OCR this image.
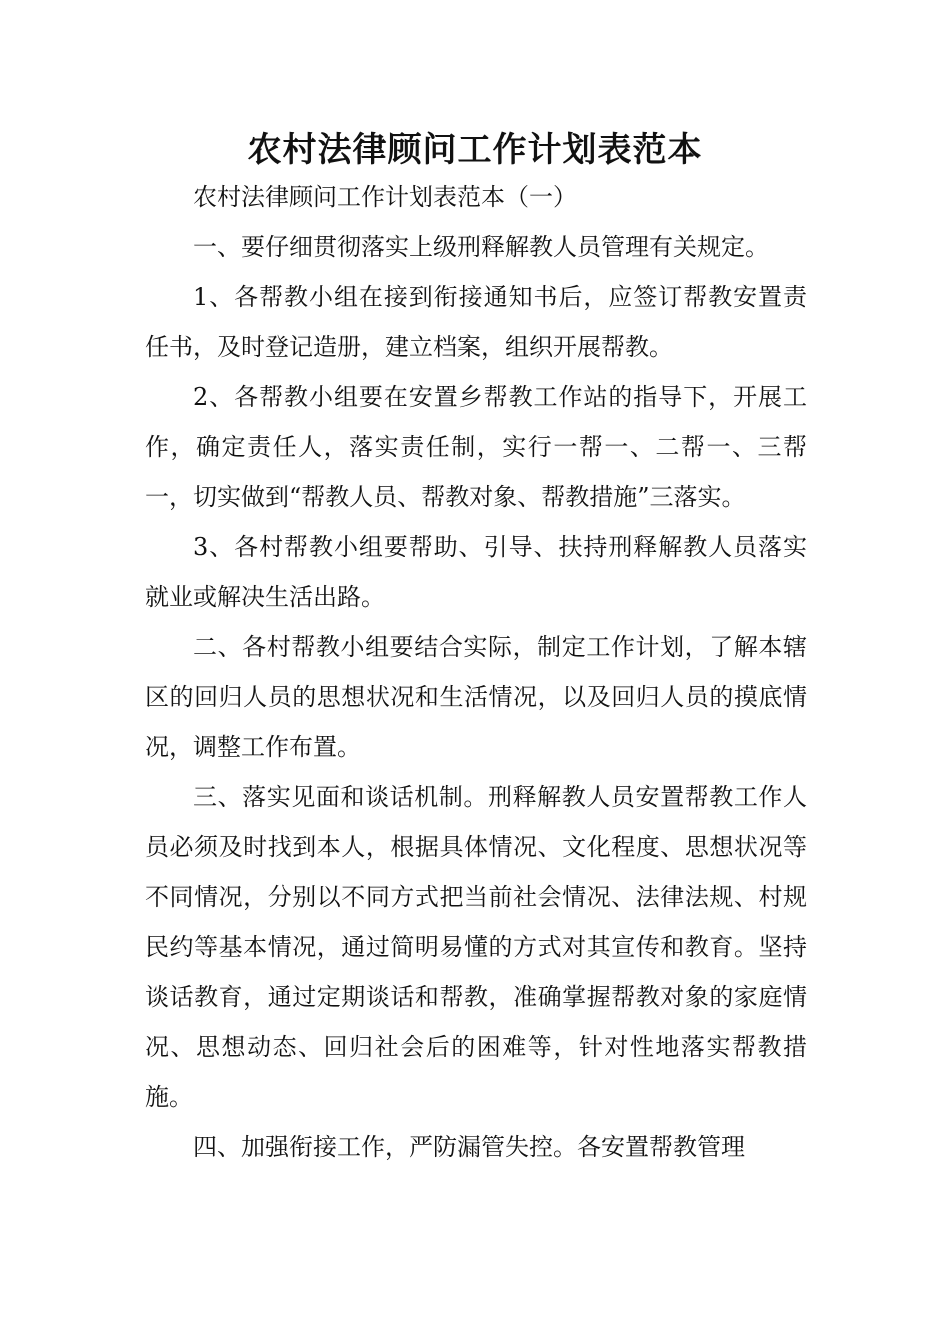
农村法律顾问工作计划表范本

农村法律顾问工作计划表范本（一）

一、要仔细贯彻落实上级刑释解教人员管理有关规定。

1、各帮教小组在接到衔接通知书后，应签订帮教安置责任书，及时登记造册，建立档案，组织开展帮教。

2、各帮教小组要在安置乡帮教工作站的指导下，开展工作，确定责任人，落实责任制，实行一帮一、二帮一、三帮一，切实做到“帮教人员、帮教对象、帮教措施”三落实。

3、各村帮教小组要帮助、引导、扶持刑释解教人员落实就业或解决生活出路。

二、各村帮教小组要结合实际，制定工作计划，了解本辖区的回归人员的思想状况和生活情况，以及回归人员的摸底情况，调整工作布置。

三、落实见面和谈话机制。刑释解教人员安置帮教工作人员必须及时找到本人，根据具体情况、文化程度、思想状况等不同情况，分别以不同方式把当前社会情况、法律法规、村规民约等基本情况，通过简明易懂的方式对其宣传和教育。坚持谈话教育，通过定期谈话和帮教，准确掌握帮教对象的家庭情况、思想动态、回归社会后的困难等，针对性地落实帮教措施。

四、加强衔接工作，严防漏管失控。各安置帮教管理
